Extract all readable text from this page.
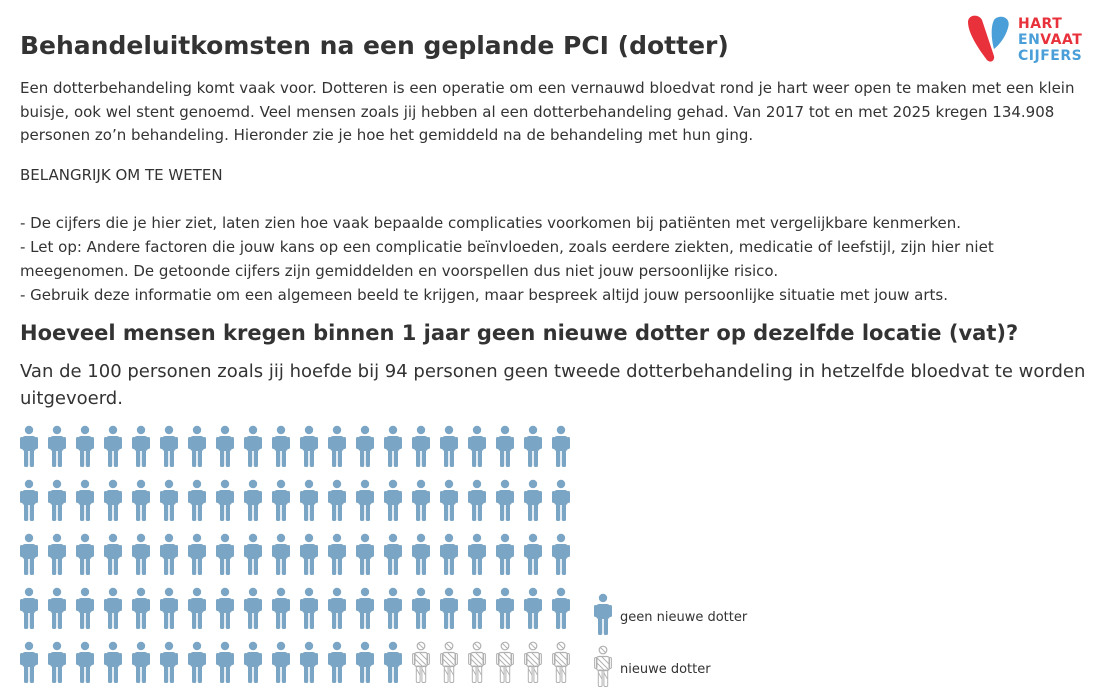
HART
ENVAAT
CIJFERS
Behandeluitkomsten na een geplande PCI (dotter)

Een dotterbehandeling komt vaak voor. Dotteren is een operatie om een vernauwd bloedvat rond je hart weer open te maken met een klein buisje, ook wel stent genoemd. Veel mensen zoals jij hebben al een dotterbehandeling gehad. Van 2017 tot en met 2025 kregen 134.908 personen zo’n behandeling. Hieronder zie je hoe het gemiddeld na de behandeling met hun ging.

BELANGRIJK OM TE WETEN

- De cijfers die je hier ziet, laten zien hoe vaak bepaalde complicaties voorkomen bij patiënten met vergelijkbare kenmerken.

- Let op: Andere factoren die jouw kans op een complicatie beïnvloeden, zoals eerdere ziekten, medicatie of leefstijl, zijn hier niet meegenomen. De getoonde cijfers zijn gemiddelden en voorspellen dus niet jouw persoonlijke risico.

- Gebruik deze informatie om een algemeen beeld te krijgen, maar bespreek altijd jouw persoonlijke situatie met jouw arts.

Hoeveel mensen kregen binnen 1 jaar geen nieuwe dotter op dezelfde locatie (vat)?

Van de 100 personen zoals jij hoefde bij 94 personen geen tweede dotterbehandeling in hetzelfde bloedvat te worden uitgevoerd.

geen nieuwe dotter
nieuwe dotter
